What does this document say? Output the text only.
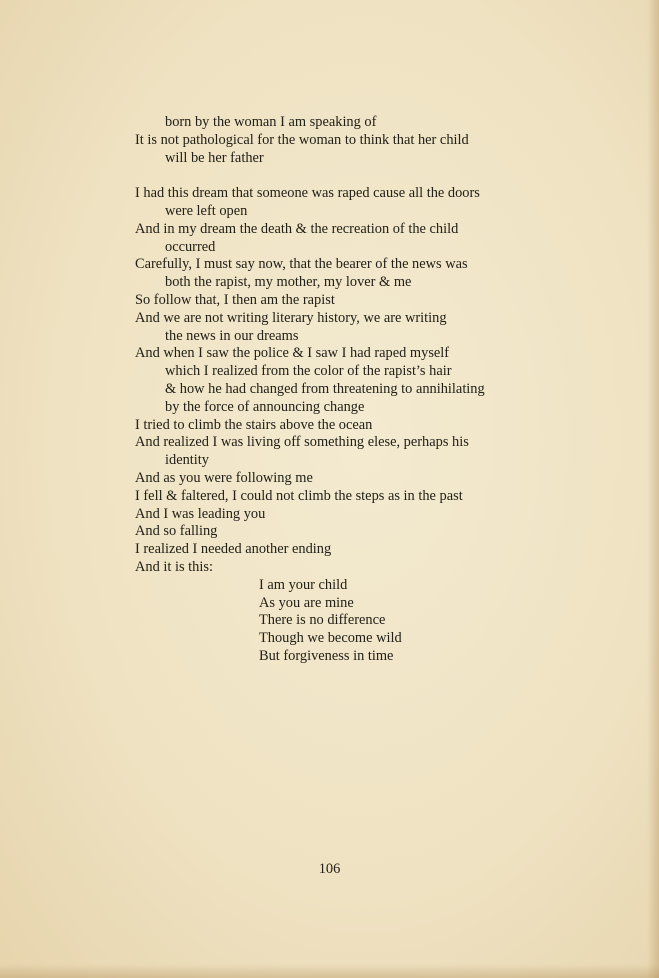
born by the woman I am speaking of
It is not pathological for the woman to think that her child
will be her father
I had this dream that someone was raped cause all the doors
were left open
And in my dream the death & the recreation of the child
occurred
Carefully, I must say now, that the bearer of the news was
both the rapist, my mother, my lover & me
So follow that, I then am the rapist
And we are not writing literary history, we are writing
the news in our dreams
And when I saw the police & I saw I had raped myself
which I realized from the color of the rapist’s hair
& how he had changed from threatening to annihilating
by the force of announcing change
I tried to climb the stairs above the ocean
And realized I was living off something elese, perhaps his
identity
And as you were following me
I fell & faltered, I could not climb the steps as in the past
And I was leading you
And so falling
I realized I needed another ending
And it is this:
I am your child
As you are mine
There is no difference
Though we become wild
But forgiveness in time
106
